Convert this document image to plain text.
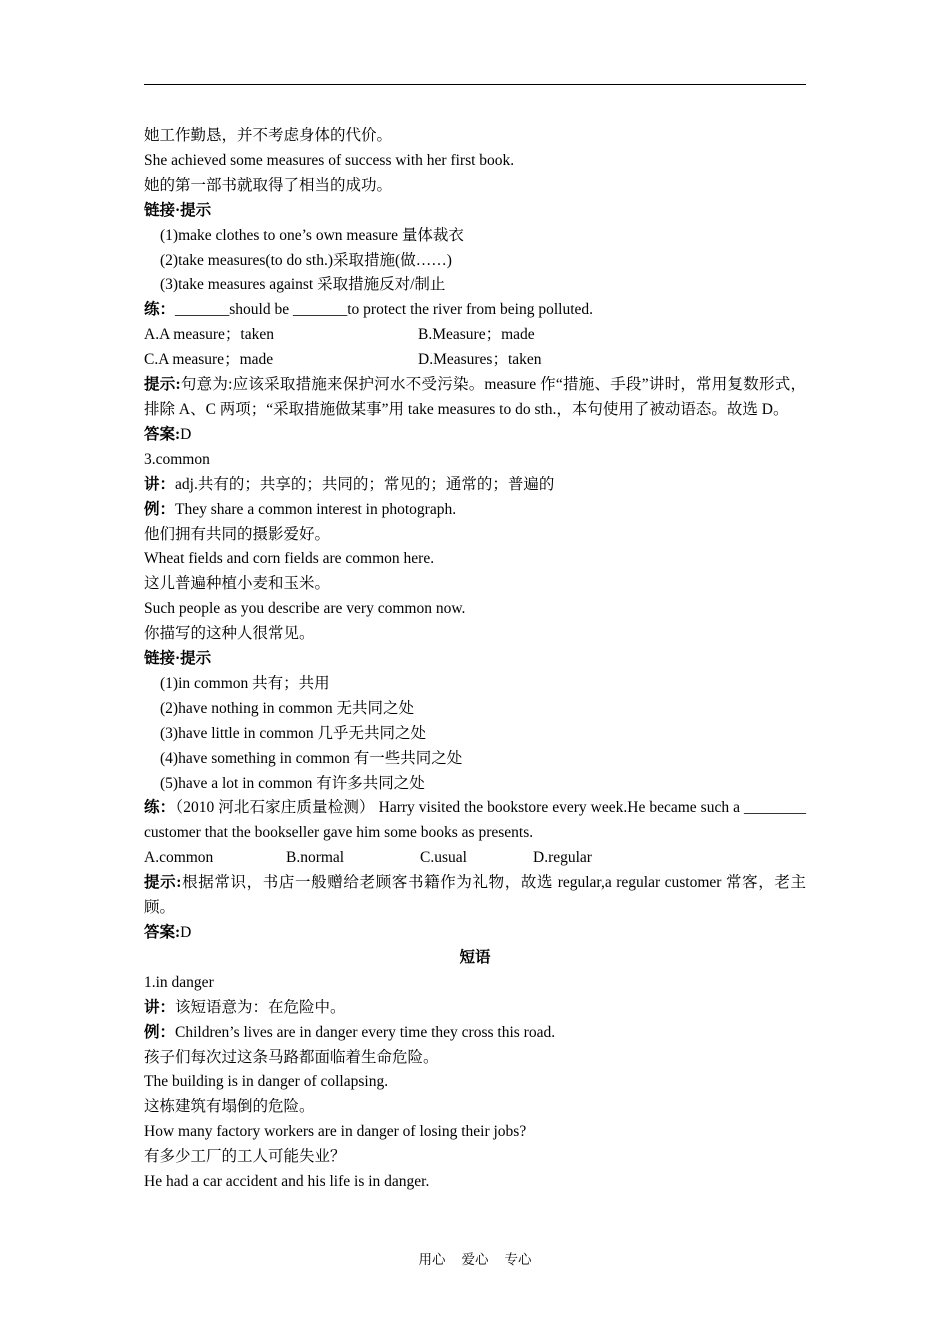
她工作勤恳，并不考虑身体的代价。
She achieved some measures of success with her first book.
她的第一部书就取得了相当的成功。
链接·提示
(1)make clothes to one’s own measure 量体裁衣
(2)take measures(to do sth.)采取措施(做……)
(3)take measures against 采取措施反对/制止
练：_______should be _______to protect the river from being polluted.
A.A measure；taken	B.Measure；made
C.A measure；made	D.Measures；taken
提示:句意为:应该采取措施来保护河水不受污染。measure 作“措施、手段”讲时，常用复数形式，排除 A、C 两项；“采取措施做某事”用 take measures to do sth.，本句使用了被动语态。故选 D。
答案:D
3.common
讲：adj.共有的；共享的；共同的；常见的；通常的；普遍的
例：They share a common interest in photograph.
他们拥有共同的摄影爱好。
Wheat fields and corn fields are common here.
这儿普遍种植小麦和玉米。
Such people as you describe are very common now.
你描写的这种人很常见。
链接·提示
(1)in common 共有；共用
(2)have nothing in common 无共同之处
(3)have little in common 几乎无共同之处
(4)have something in common 有一些共同之处
(5)have a lot in common 有许多共同之处
练：（2010 河北石家庄质量检测） Harry visited the bookstore every week.He became such a ________ customer that the bookseller gave him some books as presents.
A.common	B.normal	C.usual	D.regular
提示:根据常识，书店一般赠给老顾客书籍作为礼物，故选 regular,a regular customer 常客，老主顾。
答案:D
短语
1.in danger
讲：该短语意为：在危险中。
例：Children’s lives are in danger every time they cross this road.
孩子们每次过这条马路都面临着生命危险。
The building is in danger of collapsing.
这栋建筑有塌倒的危险。
How many factory workers are in danger of losing their jobs?
有多少工厂的工人可能失业？
He had a car accident and his life is in danger.
用心 爱心 专心
